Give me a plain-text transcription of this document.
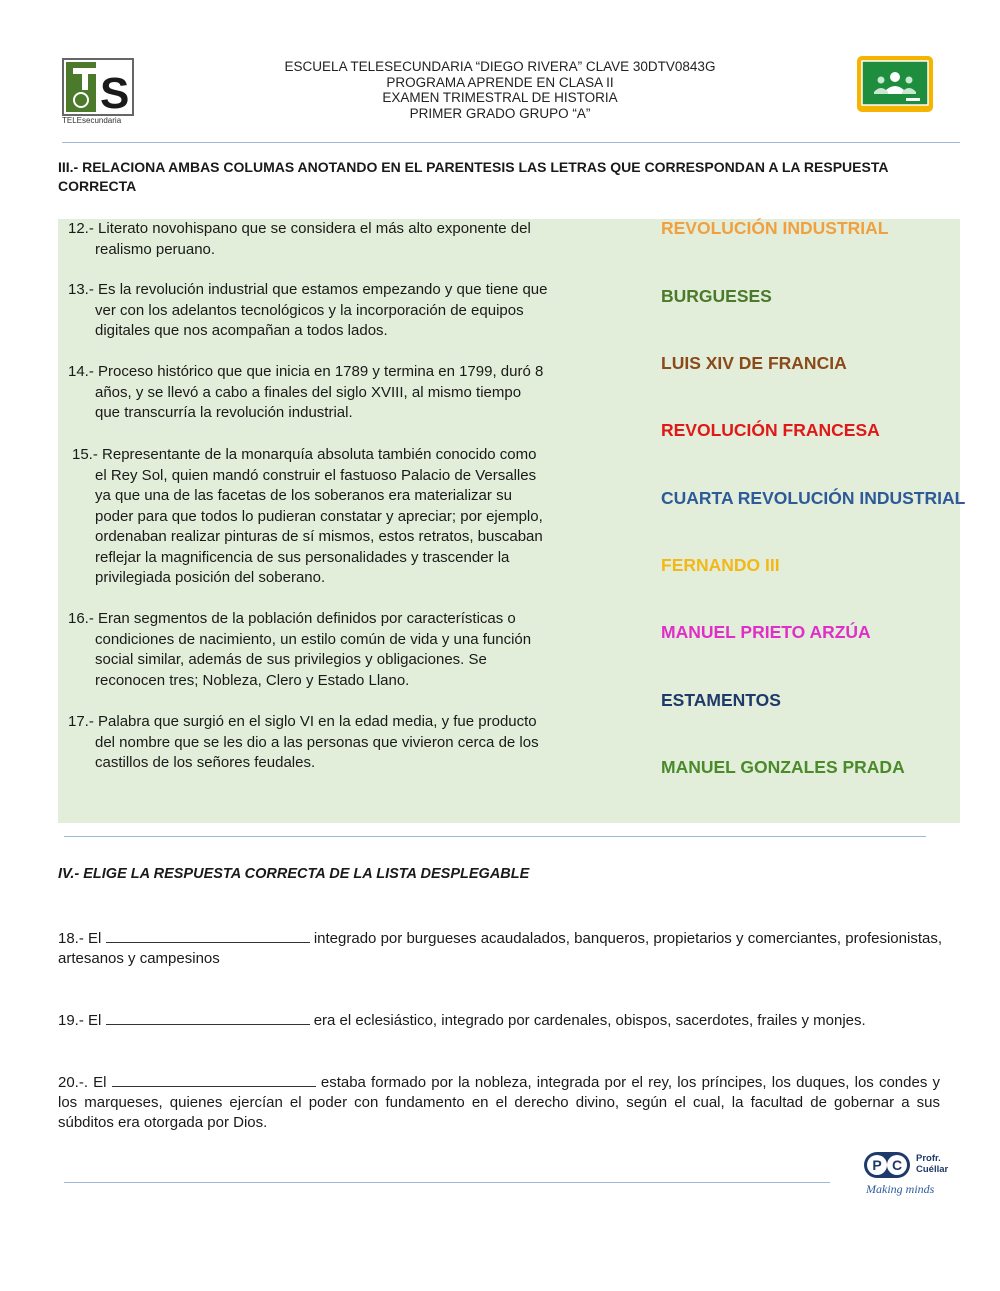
S
TELEsecundaria
ESCUELA TELESECUNDARIA “DIEGO RIVERA” CLAVE 30DTV0843G
PROGRAMA APRENDE EN CLASA II
EXAMEN TRIMESTRAL DE HISTORIA
PRIMER GRADO GRUPO “A”
III.- RELACIONA AMBAS COLUMAS ANOTANDO EN EL PARENTESIS LAS LETRAS QUE CORRESPONDAN A LA RESPUESTA CORRECTA
12.- Literato novohispano que se considera el más alto exponente del realismo peruano.
13.- Es la revolución industrial que estamos empezando y que tiene que ver con los adelantos tecnológicos y la incorporación de equipos digitales que nos acompañan a todos lados.
14.- Proceso histórico que que inicia en 1789 y termina en 1799, duró 8 años, y se llevó a cabo a finales del siglo XVIII, al mismo tiempo que transcurría la revolución industrial.
15.- Representante de la monarquía absoluta también conocido como el Rey Sol, quien mandó construir el fastuoso Palacio de Versalles ya que una de las facetas de los soberanos era materializar su poder para que todos lo pudieran constatar y apreciar; por ejemplo, ordenaban realizar pinturas de sí mismos, estos retratos, buscaban reflejar la magnificencia de sus personalidades y trascender la privilegiada posición del soberano.
16.- Eran segmentos de la población definidos por características o condiciones de nacimiento, un estilo común de vida y una función social similar, además de sus privilegios y obligaciones. Se reconocen tres; Nobleza, Clero y Estado Llano.
17.- Palabra que surgió en el siglo VI en la edad media, y fue producto del nombre que se les dio a las personas que vivieron cerca de los castillos de los señores feudales.
REVOLUCIÓN INDUSTRIAL
BURGUESES
LUIS XIV DE FRANCIA
REVOLUCIÓN FRANCESA
CUARTA REVOLUCIÓN INDUSTRIAL
FERNANDO III
MANUEL PRIETO ARZÚA
ESTAMENTOS
MANUEL GONZALES PRADA
IV.- ELIGE LA RESPUESTA CORRECTA DE LA LISTA DESPLEGABLE
18.- El	integrado por burgueses acaudalados, banqueros, propietarios y comerciantes, profesionistas, artesanos y campesinos
19.- El	era el eclesiástico, integrado por cardenales, obispos, sacerdotes, frailes y monjes.
20.-. El	estaba formado por la nobleza, integrada por el rey, los príncipes, los duques, los condes y los marqueses, quienes ejercían el poder con fundamento en el derecho divino, según el cual, la facultad de gobernar a sus súbditos era otorgada por Dios.
P C	Profr.
Cuéllar
Making minds
